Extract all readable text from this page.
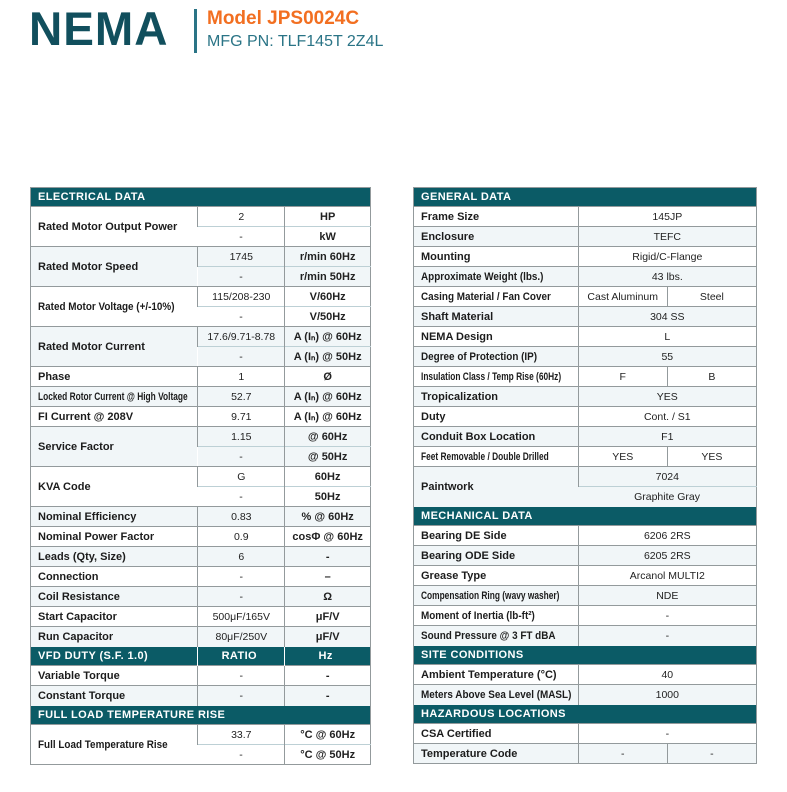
NEMA Model JPS0024C
MFG PN: TLF145T 2Z4L
ELECTRICAL DATA		
Rated Motor Output Power	2	HP
	-	kW
Rated Motor Speed	1745	r/min 60Hz
	-	r/min 50Hz
Rated Motor Voltage (+/-10%)	115/208-230	V/60Hz
	-	V/50Hz
Rated Motor Current	17.6/9.71-8.78	A (Iₙ) @ 60Hz
	-	A (Iₙ) @ 50Hz
Phase	1	Ø
Locked Rotor Current @ High Voltage	52.7	A (Iₙ) @ 60Hz
FI Current @ 208V	9.71	A (Iₙ) @ 60Hz
Service Factor	1.15	@ 60Hz
	-	@ 50Hz
KVA Code	G	60Hz
	-	50Hz
Nominal Efficiency	0.83	% @ 60Hz
Nominal Power Factor	0.9	cosΦ @ 60Hz
Leads (Qty, Size)	6	-
Connection	-	–
Coil Resistance	-	Ω
Start Capacitor	500μF/165V	μF/V
Run Capacitor	80μF/250V	μF/V
VFD DUTY (S.F. 1.0)	RATIO	Hz
Variable Torque	-	-
Constant Torque	-	-
FULL LOAD TEMPERATURE RISE		
Full Load Temperature Rise	33.7	°C @ 60Hz
	-	°C @ 50Hz
GENERAL DATA		
Frame Size	145JP	
Enclosure	TEFC	
Mounting	Rigid/C-Flange	
Approximate Weight (lbs.)	43 lbs.	
Casing Material / Fan Cover	Cast Aluminum	Steel
Shaft Material	304 SS	
NEMA Design	L	
Degree of Protection (IP)	55	
Insulation Class / Temp Rise (60Hz)	F	B
Tropicalization	YES	
Duty	Cont. / S1	
Conduit Box Location	F1	
Feet Removable / Double Drilled	YES	YES
Paintwork	7024	
	Graphite Gray	
MECHANICAL DATA		
Bearing DE Side	6206 2RS	
Bearing ODE Side	6205 2RS	
Grease Type	Arcanol MULTI2	
Compensation Ring (wavy washer)	NDE	
Moment of Inertia (lb-ft²)	-	
Sound Pressure @ 3 FT dBA	-	
SITE CONDITIONS		
Ambient Temperature (°C)	40	
Meters Above Sea Level (MASL)	1000	
HAZARDOUS LOCATIONS		
CSA Certified	-	
Temperature Code	-	-
